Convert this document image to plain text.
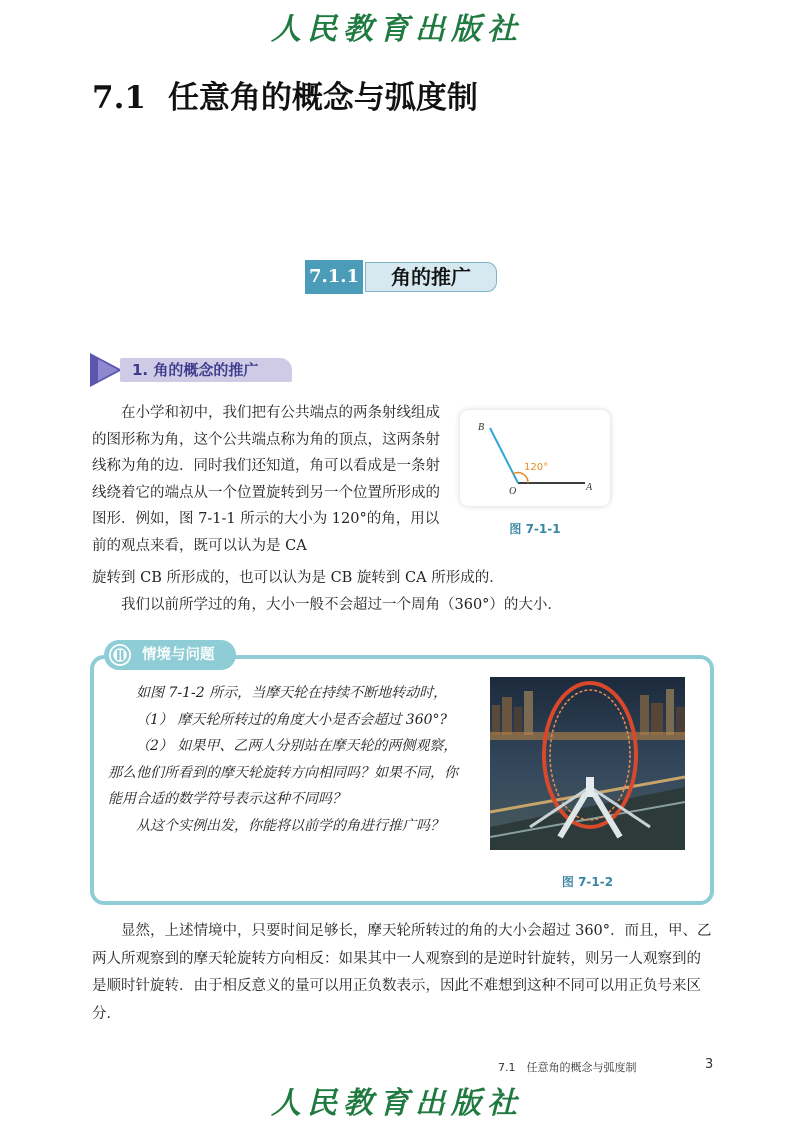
人民教育出版社
7.1 任意角的概念与弧度制
7.1.1	角的推广
1. 角的概念的推广

在小学和初中，我们把有公共端点的两条射线组成的图形称为角，这个公共端点称为角的顶点，这两条射线称为角的边．同时我们还知道，角可以看成是一条射线绕着它的端点从一个位置旋转到另一个位置所形成的图形．例如，图 7-1-1 所示的大小为 120°的角，用以前的观点来看，既可以认为是 CA

旋转到 CB 所形成的，也可以认为是 CB 旋转到 CA 所形成的．

我们以前所学过的角，大小一般不会超过一个周角（360°）的大小．

120°
B
O	A
图 7-1-1
情境与问题

如图 7-1-2 所示，当摩天轮在持续不断地转动时，

（1） 摩天轮所转过的角度大小是否会超过 360°?

（2） 如果甲、乙两人分别站在摩天轮的两侧观察，那么他们所看到的摩天轮旋转方向相同吗？如果不同，你能用合适的数学符号表示这种不同吗？

从这个实例出发，你能将以前学的角进行推广吗？

图 7-1-2

显然，上述情境中，只要时间足够长，摩天轮所转过的角的大小会超过 360°．而且，甲、乙两人所观察到的摩天轮旋转方向相反：如果其中一人观察到的是逆时针旋转，则另一人观察到的是顺时针旋转．由于相反意义的量可以用正负数表示，因此不难想到这种不同可以用正负号来区分．

7.1　任意角的概念与弧度制	3
人民教育出版社
